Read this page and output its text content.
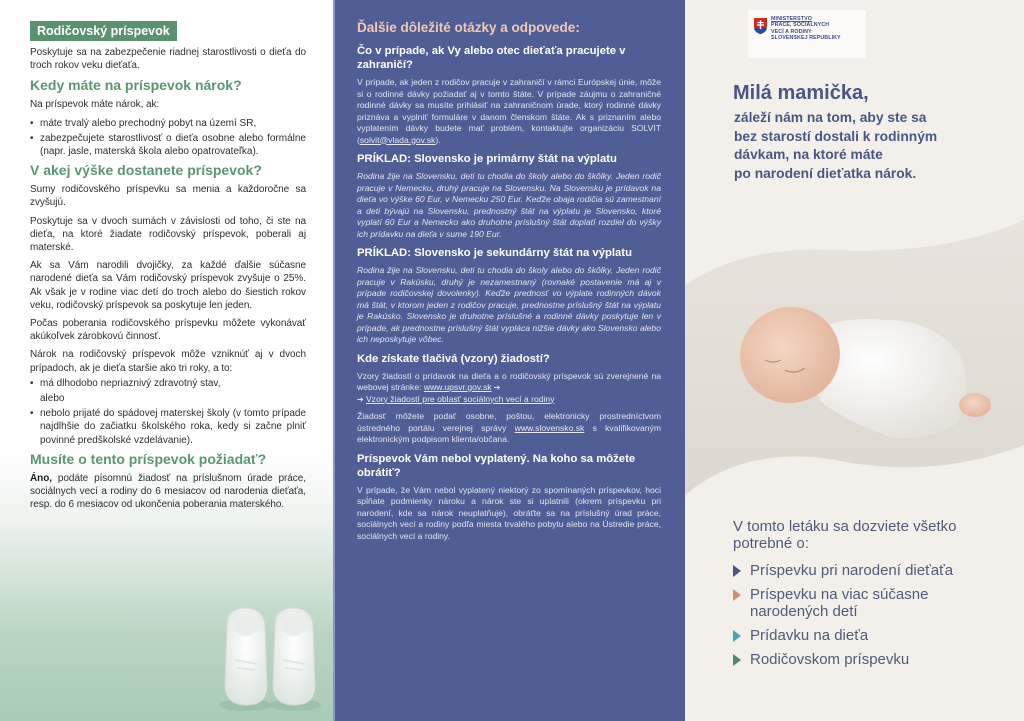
Rodičovský príspevok

Poskytuje sa na zabezpečenie riadnej starostlivosti o dieťa do troch rokov veku dieťaťa.

Kedy máte na príspevok nárok?

Na príspevok máte nárok, ak:

• máte trvalý alebo prechodný pobyt na území SR,
• zabezpečujete starostlivosť o dieťa osobne alebo formálne (napr. jasle, materská škola alebo opatrovateľka).
V akej výške dostanete príspevok?

Sumy rodičovského príspevku sa menia a každoročne sa zvyšujú.

Poskytuje sa v dvoch sumách v závislosti od toho, či ste na dieťa, na ktoré žiadate rodičovský príspevok, poberali aj materské.

Ak sa Vám narodili dvojičky, za každé ďalšie súčasne narodené dieťa sa Vám rodičovský príspevok zvyšuje o 25%. Ak však je v rodine viac detí do troch alebo do šiestich rokov veku, rodičovský príspevok sa poskytuje len jeden.

Počas poberania rodičovského príspevku môžete vykonávať akúkoľvek zárobkovú činnosť.

Nárok na rodičovský príspevok môže vzniknúť aj v dvoch prípadoch, ak je dieťa staršie ako tri roky, a to:

• má dlhodobo nepriaznivý zdravotný stav,
alebo
• nebolo prijaté do spádovej materskej školy (v tomto prípade najdlhšie do začiatku školského roka, kedy si začne plniť povinné predškolské vzdelávanie).
Musíte o tento príspevok požiadať?

Áno, podáte písomnú žiadosť na príslušnom úrade práce, sociálnych vecí a rodiny do 6 mesiacov od narodenia dieťaťa, resp. do 6 mesiacov od ukončenia poberania materského.

Ďalšie dôležité otázky a odpovede:
Čo v prípade, ak Vy alebo otec dieťaťa pracujete v zahraničí?

V prípade, ak jeden z rodičov pracuje v zahraničí v rámci Európskej únie, môže si o rodinné dávky požiadať aj v tomto štáte. V prípade záujmu o zahraničné rodinné dávky sa musíte prihlásiť na zahraničnom úrade, ktorý rodinné dávky priznáva a vyplniť formuláre v danom členskom štáte. Ak s priznaním alebo vyplatením dávky budete mať problém, kontaktujte organizáciu SOLVIT (solvit@vlada.gov.sk).

PRÍKLAD: Slovensko je primárny štát na výplatu

Rodina žije na Slovensku, deti tu chodia do školy alebo do škôlky. Jeden rodič pracuje v Nemecku, druhý pracuje na Slovensku. Na Slovensku je prídavok na dieťa vo výške 60 Eur, v Nemecku 250 Eur. Keďže obaja rodičia sú zamestnaní a deti bývajú na Slovensku, prednostný štát na výplatu je Slovensko, ktoré vyplatí 60 Eur a Nemecko ako druhotne príslušný štát doplatí rozdiel do výšky ich prídavku na dieťa v sume 190 Eur.

PRÍKLAD: Slovensko je sekundárny štát na výplatu

Rodina žije na Slovensku, deti tu chodia do školy alebo do škôlky. Jeden rodič pracuje v Rakúsku, druhý je nezamestnaný (rovnaké postavenie má aj v prípade rodičovskej dovolenky). Keďže prednosť vo výplate rodinných dávok má štát, v ktorom jeden z rodičov pracuje, prednostne príslušný štát na výplatu je Rakúsko. Slovensko je druhotne príslušné a rodinné dávky poskytuje len v prípade, ak prednostne príslušný štát vypláca nižšie dávky ako Slovensko alebo ich neposkytuje vôbec.

Kde získate tlačivá (vzory) žiadostí?

Vzory žiadostí o prídavok na dieťa a o rodičovský príspevok sú zverejnené na webovej stránke: www.upsvr.gov.sk ➔
➔ Vzory žiadostí pre oblasť sociálnych vecí a rodiny

Žiadosť môžete podať osobne, poštou, elektronicky prostredníctvom ústredného portálu verejnej správy www.slovensko.sk s kvalifikovaným elektronickým podpisom klienta/občana.

Príspevok Vám nebol vyplatený. Na koho sa môžete obrátiť?

V prípade, že Vám nebol vyplatený niektorý zo spomínaných príspevkov, hoci spĺňate podmienky nároku a nárok ste si uplatnili (okrem príspevku pri narodení, kde sa nárok neuplatňuje), obráťte sa na príslušný úrad práce, sociálnych vecí a rodiny podľa miesta trvalého pobytu alebo na Ústredie práce, sociálnych vecí a rodiny.

MINISTERSTVO
PRÁCE, SOCIÁLNYCH
VECÍ A RODINY
SLOVENSKEJ REPUBLIKY
Milá mamička,
záleží nám na tom, aby ste sa
bez starostí dostali k rodinným
dávkam, na ktoré máte
po narodení dieťatka nárok.
V tomto letáku sa dozviete všetko potrebné o:
Príspevku pri narodení dieťaťa
Príspevku na viac súčasne narodených detí
Prídavku na dieťa
Rodičovskom príspevku
